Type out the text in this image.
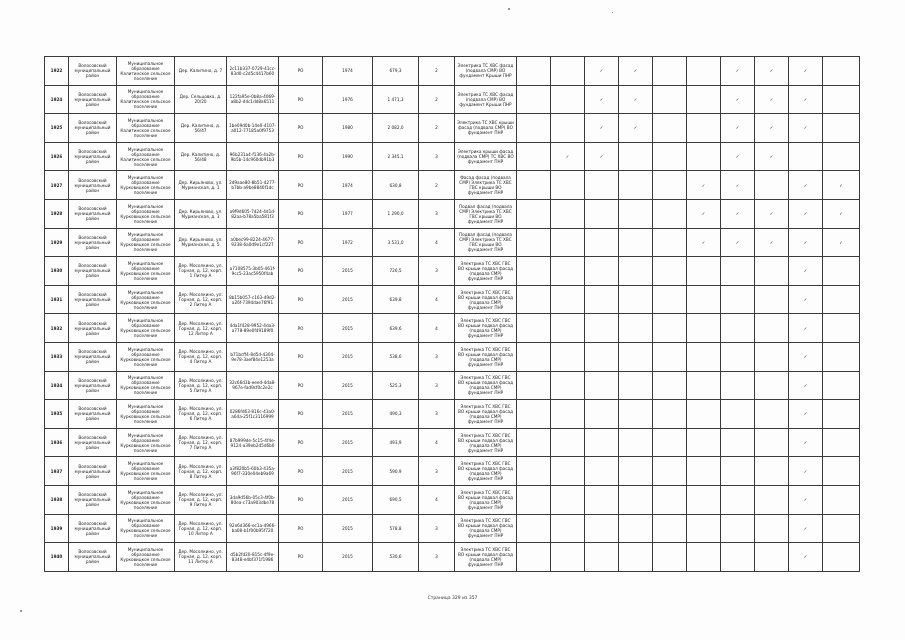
1922	Волосовский муниципальный район	Муниципальное образование Калитинское сельское поселение	Дер. Калитино, д. 7	2c11b337-0729-41cc-83d0-c2d5c4417b60	РО	1974	679,3	2	Электрика ТС ХВС фасад (подвала СМР) ВО фундамент Крыши ПНР			✓	✓			✓	✓	✓	
1924	Волосовский муниципальный район	Муниципальное образование Калитинское сельское поселение	Дер. Сельцовка, д. 20/20	122fa95e-0b8a-4069-a8b2-d4c1dd8a6511	РО	1976	1 471,3	2	Электрика ТС ХВС фасад (подвала СМР) ВО фундамент Крыши ПНР			✓	✓			✓	✓	✓	
1925	Волосовский муниципальный район	Муниципальное образование Калитинское сельское поселение	Дер. Калитино, д. 56/47	1be09d0b-14e0-4107-a012-77185a0f9753	РО	1980	2 082,0	2	Электрика ТС ХВС крыши фасад (подвала СМР) ВО фундамент ПНР			✓	✓			✓	✓	✓	
1926	Волосовский муниципальный район	Муниципальное образование Калитинское сельское поселение	Дер. Калитино, д. 56/48	96b231a4-f136-4a2b-9b5b-14c960db91b3	РО	1990	2 345,1	3	Электрика крыши фасад (подвала СМР) ТС ХВС ВО фундамент ПНР		✓	✓				✓	✓		
1927	Волосовский муниципальный район	Муниципальное образование Курковицкое сельское поселение	Дер. Кирьяново, ул. Мурманская, д. 1	2d9aae80-8b51-4277-b7bb-a9be8846f1dc	РО	1974	630,8	2	Фасад фасад (подвала СМР) Электрика ТС ХВС ГВС крыши ВО фундамент ПНР						✓	✓		✓	✓
1928	Волосовский муниципальный район	Муниципальное образование Курковицкое сельское поселение	Дер. Кирьяново, ул. Мурманская, д. 3	a9f9d605-7d24-4d1d-82aa-b78a5ba581f3	РО	1977	1 290,0	3	Подвал фасад (подвала СМР) Электрика ТС ХВС ГВС крыши ВО фундамент ПНР						✓	✓	✓	✓	✓
1929	Волосовский муниципальный район	Муниципальное образование Курковицкое сельское поселение	Дер. Кирьяново, ул. Мурманская, д. 5	a0bec99-8224-4677-9238-6a0d9e1cf227	РО	1972	3 531,0	4	Подвал фасад (подвала СМР) Электрика ТС ХВС ГВС крыши ВО фундамент ПНР						✓	✓	✓	✓	✓
1930	Волосовский муниципальный район	Муниципальное образование Курковицкое сельское поселение	Дер. Мосолкино, ул. Горная, д. 12, корп. 1 Литер А	a7108575-3b05-461f-9cc5-23ac5950f4ab	РО	2015	726,5	3	Электрика ТС ХВС ГВС ВО крыши подвал фасад (подвала СМР) фундамент ПНР									✓	
1931	Волосовский муниципальный район	Муниципальное образование Курковицкое сельское поселение	Дер. Мосолкино, ул. Горная, д. 12, корп. 2 Литер А	8b15b057-c163-49d2-a26f-7394dae76f91	РО	2015	639,8	4	Электрика ТС ХВС ГВС ВО крыши подвал фасад (подвала СМР) фундамент ПНР									✓	
1932	Волосовский муниципальный район	Муниципальное образование Курковицкое сельское поселение	Дер. Мосолкино, ул. Горная, д. 12, корп. 12 Литер А	4da1f428-9952-4da3-a778-89e0f49189f0	РО	2015	639,6	4	Электрика ТС ХВС ГВС ВО крыши подвал фасад (подвала СМР) фундамент ПНР									✓	
1933	Волосовский муниципальный район	Муниципальное образование Курковицкое сельское поселение	Дер. Мосолкино, ул. Горная, д. 12, корп. 4 Литер А	b71bcff4-8d5d-4304-9e78-3aef84e1253a	РО	2015	538,6	3	Электрика ТС ХВС ГВС ВО крыши подвал фасад (подвала СМР) фундамент ПНР									✓	
1934	Волосовский муниципальный район	Муниципальное образование Курковицкое сельское поселение	Дер. Мосолкино, ул. Горная, д. 12, корп. 5 Литер А	32c66d3b-eeed-4da8-967e-fad9cf0c2e2c	РО	2015	525,3	3	Электрика ТС ХВС ГВС ВО крыши подвал фасад (подвала СМР) фундамент ПНР									✓	
1935	Волосовский муниципальный район	Муниципальное образование Курковицкое сельское поселение	Дер. Мосолкино, ул. Горная, д. 12, корп. 6 Литер А	0286fd63-816c-43a0-a64a-25f1c3116999	РО	2015	490,3	3	Электрика ТС ХВС ГВС ВО крыши подвал фасад (подвала СМР) фундамент ПНР									✓	
1936	Волосовский муниципальный район	Муниципальное образование Курковицкое сельское поселение	Дер. Мосолкино, ул. Горная, д. 12, корп. 7 Литер А	87b999de-5c15-4f4e-9124-a39eb2d5d6b0	РО	2015	493,9	4	Электрика ТС ХВС ГВС ВО крыши подвал фасад (подвала СМР) фундамент ПНР									✓	
1937	Волосовский муниципальный район	Муниципальное образование Курковицкое сельское поселение	Дер. Мосолкино, ул. Горная, д. 12, корп. 8 Литер А	a3f820b5-60b3-435a-96f7-330e04eb9a69	РО	2015	590,9	3	Электрика ТС ХВС ГВС ВО крыши подвал фасад (подвала СМР) фундамент ПНР									✓	
1938	Волосовский муниципальный район	Муниципальное образование Курковицкое сельское поселение	Дер. Мосолкино, ул. Горная, д. 12, корп. 9 Литер А	3da9d56b-05c3-4f0b-80ea-c73a903dbe78	РО	2015	690,5	4	Электрика ТС ХВС ГВС ВО крыши подвал фасад (подвала СМР) фундамент ПНР									✓	
1939	Волосовский муниципальный район	Муниципальное образование Курковицкое сельское поселение	Дер. Мосолкино, ул. Горная, д. 12, корп. 10 Литер А	92e6d366-ec1a-4966-ba08-b1f00b95f720	РО	2015	578,8	3	Электрика ТС ХВС ГВС ВО крыши подвал фасад (подвала СМР) фундамент ПНР									✓	
1940	Волосовский муниципальный район	Муниципальное образование Курковицкое сельское поселение	Дер. Мосолкино, ул. Горная, д. 12, корп. 11 Литер А	d5b2fd20-815c-4f9e-8348-e4bf371f1986	РО	2015	530,6	3	Электрика ТС ХВС ГВС ВО крыши подвал фасад (подвала СМР) фундамент ПНР									✓	
Страница 329 из 357
